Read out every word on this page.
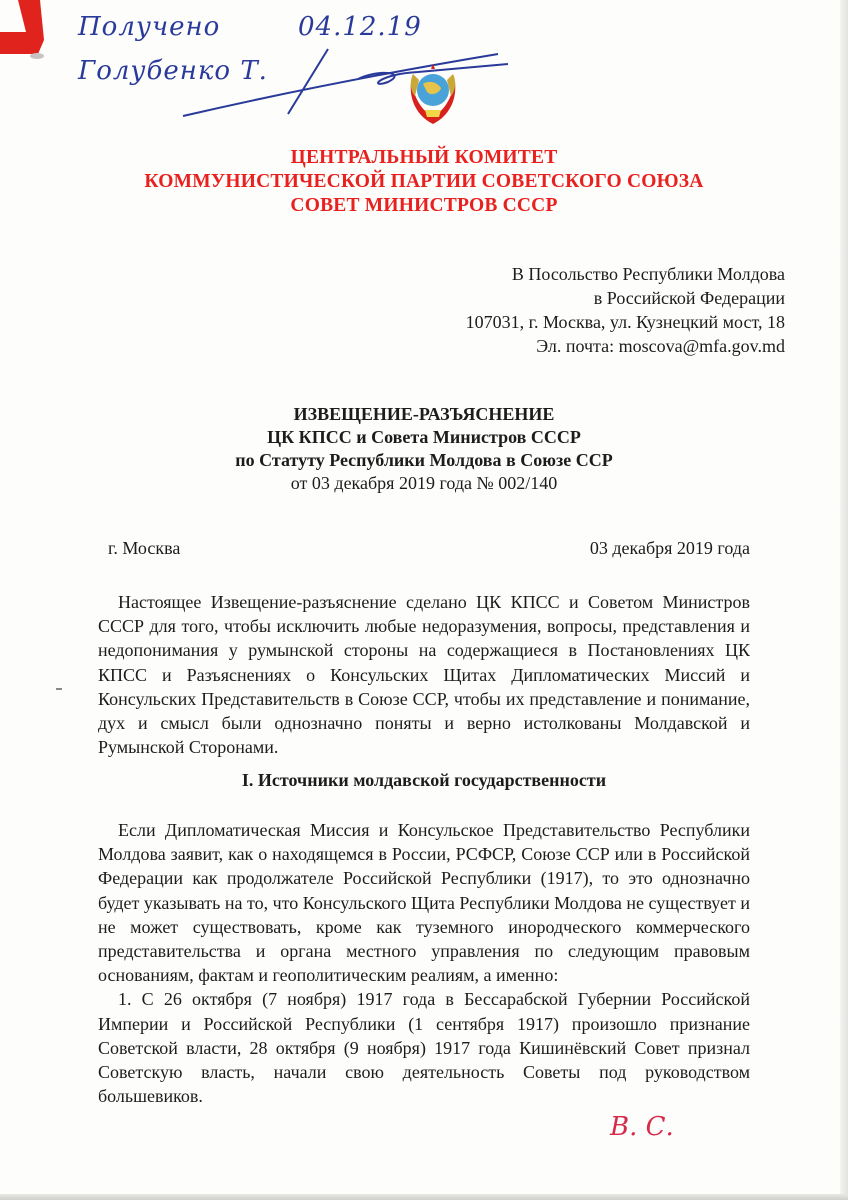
Получено	04.12.19
Голубенко Т.
ЦЕНТРАЛЬНЫЙ КОМИТЕТ
КОММУНИСТИЧЕСКОЙ ПАРТИИ СОВЕТСКОГО СОЮЗА
СОВЕТ МИНИСТРОВ СССР
В Посольство Республики Молдова
в Российской Федерации
107031, г. Москва, ул. Кузнецкий мост, 18
Эл. почта: moscova@mfa.gov.md
ИЗВЕЩЕНИЕ-РАЗЪЯСНЕНИЕ
ЦК КПСС и Совета Министров СССР
по Статуту Республики Молдова в Союзе ССР
от 03 декабря 2019 года № 002/140
г. Москва	03 декабря 2019 года

Настоящее Извещение-разъяснение сделано ЦК КПСС и Советом Министров СССР для того, чтобы исключить любые недоразумения, вопросы, представления и недопонимания у румынской стороны на содержащиеся в Постановлениях ЦК КПСС и Разъяснениях о Консульских Щитах Дипломатических Миссий и Консульских Представительств в Союзе ССР, чтобы их представление и понимание, дух и смысл были однозначно поняты и верно истолкованы Молдавской и Румынской Сторонами.

I. Источники молдавской государственности

Если Дипломатическая Миссия и Консульское Представительство Республики Молдова заявит, как о находящемся в России, РСФСР, Союзе ССР или в Российской Федерации как продолжателе Российской Республики (1917), то это однозначно будет указывать на то, что Консульского Щита Республики Молдова не существует и не может существовать, кроме как туземного инородческого коммерческого представительства и органа местного управления по следующим правовым основаниям, фактам и геополитическим реалиям, а именно:

1. С 26 октября (7 ноября) 1917 года в Бессарабской Губернии Российской Империи и Российской Республики (1 сентября 1917) произошло признание Советской власти, 28 октября (9 ноября) 1917 года Кишинёвский Совет признал Советскую власть, начали свою деятельность Советы под руководством большевиков.

В. С.
